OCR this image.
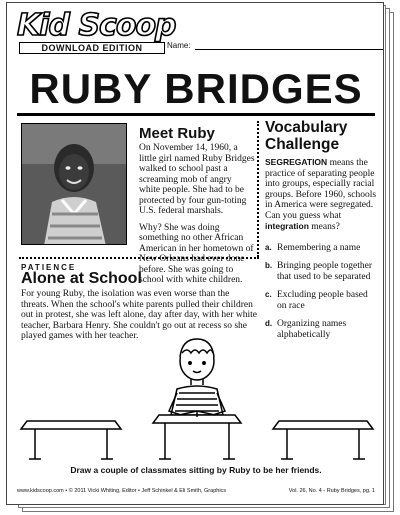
Kid Scoop
DOWNLOAD EDITION	Name:
RUBY BRIDGES
Meet Ruby

On November 14, 1960, a little girl named Ruby Bridges walked to school past a screaming mob of angry white people. She had to be protected by four gun-toting U.S. federal marshals.

Why? She was doing something no other African American in her hometown of New Orleans had ever done before. She was going to school with white children.

PATIENCE
Alone at School
For young Ruby, the isolation was even worse than the threats. When the school's white parents pulled their children out in protest, she was left alone, day after day, with her white teacher, Barbara Henry. She couldn't go out at recess so she played games with her teacher.
Vocabulary
Challenge
SEGREGATION means the practice of separating people into groups, especially racial groups. Before 1960, schools in America were segregated. Can you guess what integration means?
a. Remembering a name
b. Bringing people together that used to be separated
c. Excluding people based on race
d. Organizing names alphabetically
Draw a couple of classmates sitting by Ruby to be her friends.
www.kidscoop.com • © 2011 Vicki Whiting, Editor • Jeff Schinkel & Eli Smith, Graphics	Vol. 26, No. 4 - Ruby Bridges, pg. 1
